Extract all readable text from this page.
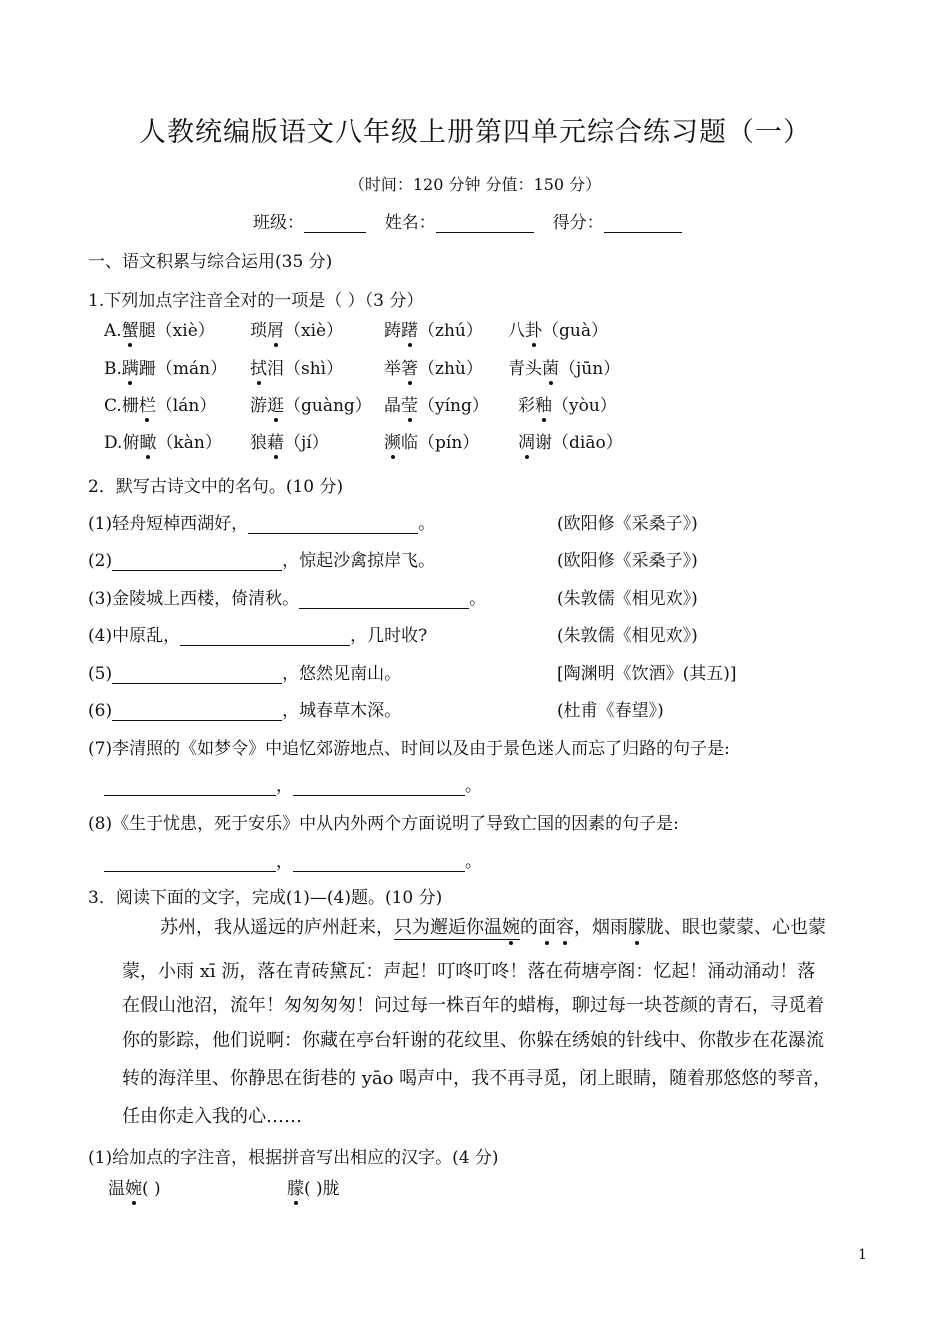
人教统编版语文八年级上册第四单元综合练习题（一）
（时间：120 分钟 分值：150 分）
班级：	姓名：	得分：
一、语文积累与综合运用(35 分)
1.下列加点字注音全对的一项是（ ）（3 分）
A.蟹腿（xiè） 琐屑（xiè） 踌躇（zhú） 八卦（guà）
B.蹒跚（mán） 拭泪（shì） 举箸（zhù） 青头菌（jūn）
C.栅栏（lán） 游逛（guàng） 晶莹（yíng） 彩釉（yòu）
D.俯瞰（kàn） 狼藉（jí）	濒临（pín） 凋谢（diāo）
2．默写古诗文中的名句。(10 分)
(1)轻舟短棹西湖好，	。	(欧阳修《采桑子》)
(2)	，惊起沙禽掠岸飞。	(欧阳修《采桑子》)
(3)金陵城上西楼，倚清秋。	。	(朱敦儒《相见欢》)
(4)中原乱，	，几时收?	(朱敦儒《相见欢》)
(5)	，悠然见南山。	[陶渊明《饮酒》(其五)]
(6)	，城春草木深。	(杜甫《春望》)
(7)李清照的《如梦令》中追忆郊游地点、时间以及由于景色迷人而忘了归路的句子是:
，	。
(8)《生于忧患，死于安乐》中从内外两个方面说明了导致亡国的因素的句子是:
，	。
3．阅读下面的文字，完成(1)—(4)题。(10 分)
苏州，我从遥远的庐州赶来，只为邂逅你温婉的面容，烟雨朦胧、眼也蒙蒙、心也蒙
蒙，小雨 xī 沥，落在青砖黛瓦：声起！叮咚叮咚！落在荷塘亭阁：忆起！涌动涌动！落
在假山池沼，流年！匆匆匆匆！问过每一株百年的蜡梅，聊过每一块苍颜的青石，寻觅着
你的影踪，他们说啊：你藏在亭台轩谢的花纹里、你躲在绣娘的针线中、你散步在花瀑流
转的海洋里、你静思在街巷的 yāo 喝声中，我不再寻觅，闭上眼睛，随着那悠悠的琴音，
任由你走入我的心……
(1)给加点的字注音，根据拼音写出相应的汉字。(4 分)
温婉( )	朦( )胧
1
